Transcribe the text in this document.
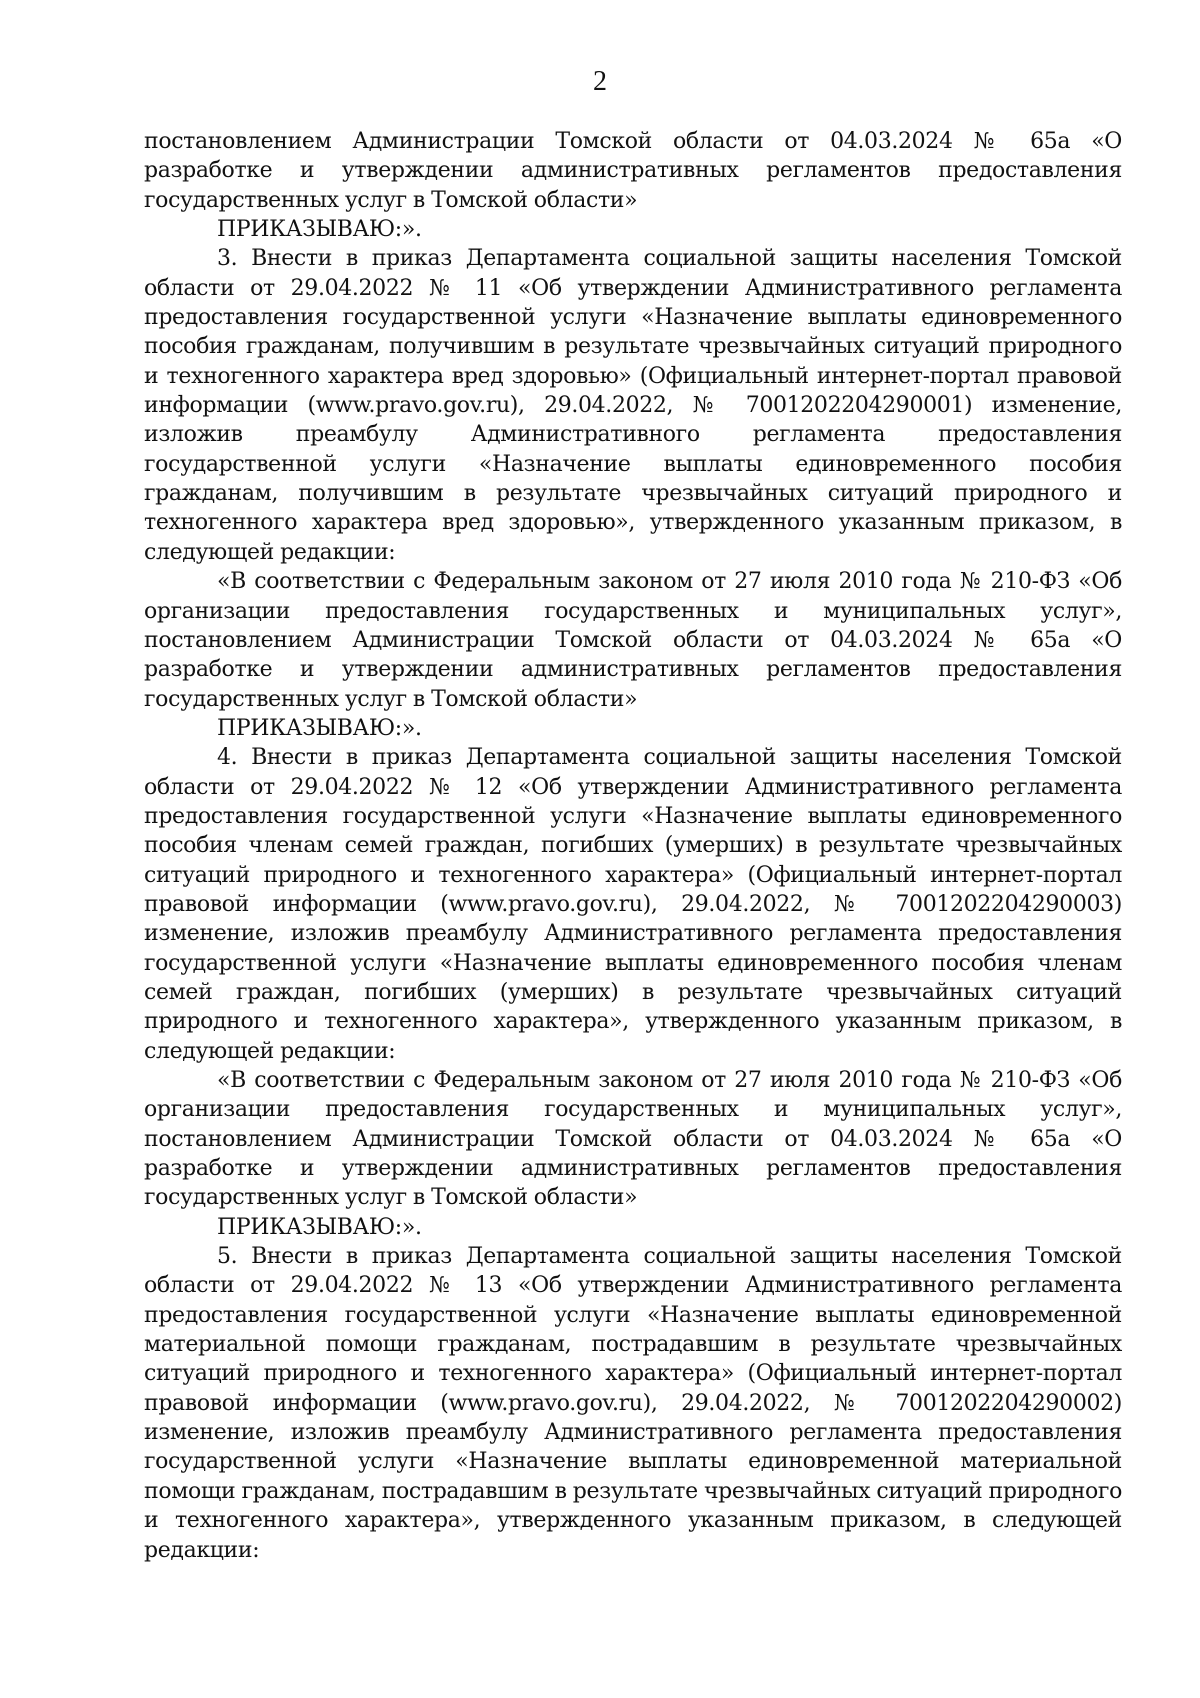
2

постановлением Администрации Томской области от 04.03.2024 № 65а «О разработке и утверждении административных регламентов предоставления государственных услуг в Томской области»

ПРИКАЗЫВАЮ:».

3. Внести в приказ Департамента социальной защиты населения Томской области от 29.04.2022 № 11 «Об утверждении Административного регламента предоставления государственной услуги «Назначение выплаты единовременного пособия гражданам, получившим в результате чрезвычайных ситуаций природного и техногенного характера вред здоровью» (Официальный интернет-портал правовой информации (www.pravo.gov.ru), 29.04.2022, № 7001202204290001) изменение, изложив преамбулу Административного регламента предоставления государственной услуги «Назначение выплаты единовременного пособия гражданам, получившим в результате чрезвычайных ситуаций природного и техногенного характера вред здоровью», утвержденного указанным приказом, в следующей редакции:

«В соответствии с Федеральным законом от 27 июля 2010 года № 210-ФЗ «Об организации предоставления государственных и муниципальных услуг», постановлением Администрации Томской области от 04.03.2024 № 65а «О разработке и утверждении административных регламентов предоставления государственных услуг в Томской области»

ПРИКАЗЫВАЮ:».

4. Внести в приказ Департамента социальной защиты населения Томской области от 29.04.2022 № 12 «Об утверждении Административного регламента предоставления государственной услуги «Назначение выплаты единовременного пособия членам семей граждан, погибших (умерших) в результате чрезвычайных ситуаций природного и техногенного характера» (Официальный интернет-портал правовой информации (www.pravo.gov.ru), 29.04.2022, № 7001202204290003) изменение, изложив преамбулу Административного регламента предоставления государственной услуги «Назначение выплаты единовременного пособия членам семей граждан, погибших (умерших) в результате чрезвычайных ситуаций природного и техногенного характера», утвержденного указанным приказом, в следующей редакции:

«В соответствии с Федеральным законом от 27 июля 2010 года № 210-ФЗ «Об организации предоставления государственных и муниципальных услуг», постановлением Администрации Томской области от 04.03.2024 № 65а «О разработке и утверждении административных регламентов предоставления государственных услуг в Томской области»

ПРИКАЗЫВАЮ:».

5. Внести в приказ Департамента социальной защиты населения Томской области от 29.04.2022 № 13 «Об утверждении Административного регламента предоставления государственной услуги «Назначение выплаты единовременной материальной помощи гражданам, пострадавшим в результате чрезвычайных ситуаций природного и техногенного характера» (Официальный интернет-портал правовой информации (www.pravo.gov.ru), 29.04.2022, № 7001202204290002) изменение, изложив преамбулу Административного регламента предоставления государственной услуги «Назначение выплаты единовременной материальной помощи гражданам, пострадавшим в результате чрезвычайных ситуаций природного и техногенного характера», утвержденного указанным приказом, в следующей редакции:
